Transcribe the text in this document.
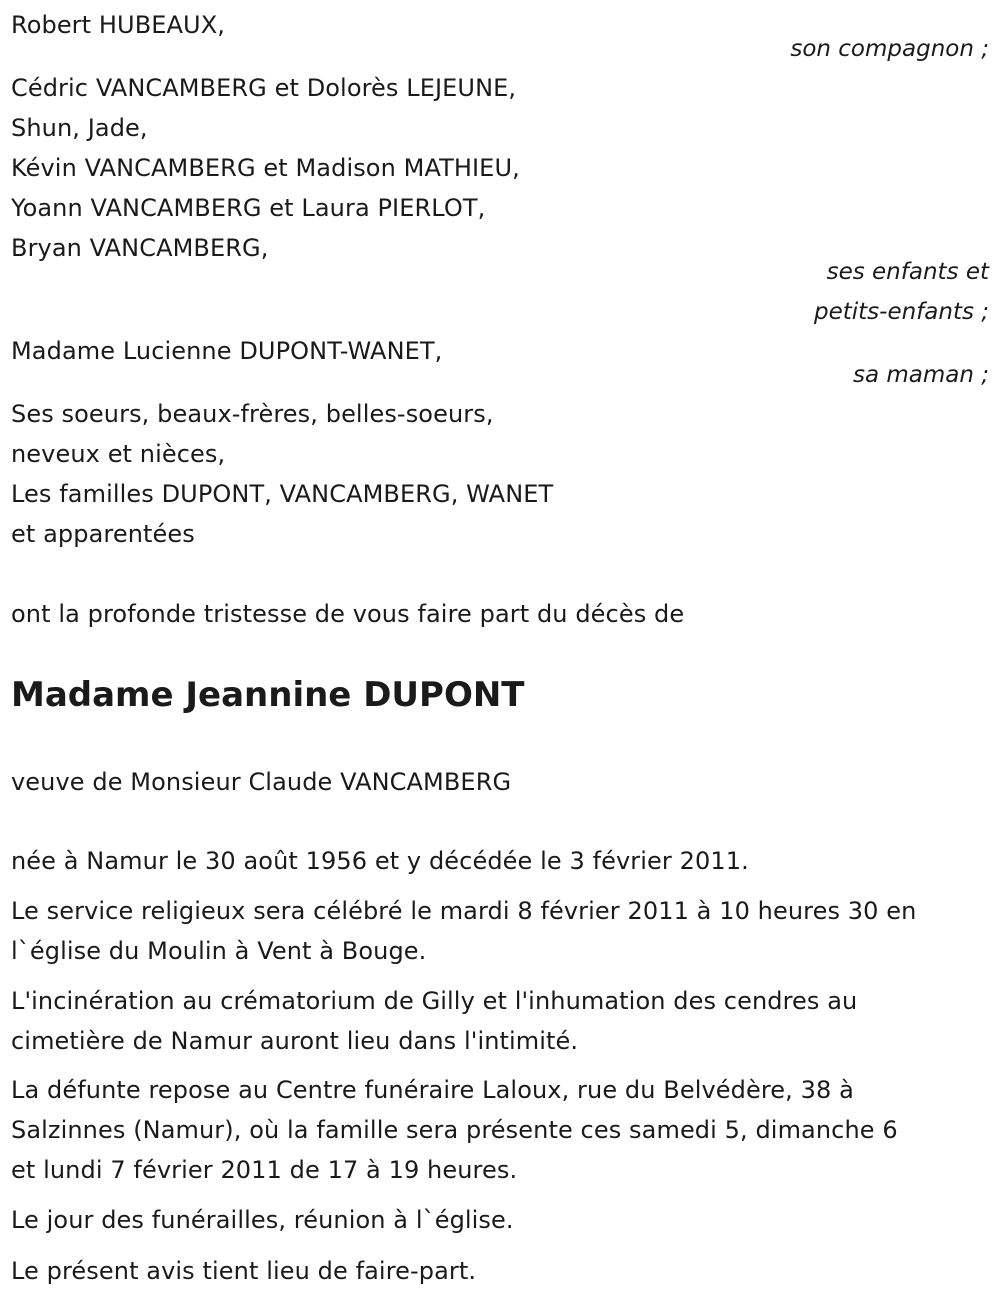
Robert HUBEAUX,
son compagnon ;
Cédric VANCAMBERG et Dolorès LEJEUNE,
Shun, Jade,
Kévin VANCAMBERG et Madison MATHIEU,
Yoann VANCAMBERG et Laura PIERLOT,
Bryan VANCAMBERG,
ses enfants et
petits-enfants ;
Madame Lucienne DUPONT-WANET,
sa maman ;
Ses soeurs, beaux-frères, belles-soeurs,
neveux et nièces,
Les familles DUPONT, VANCAMBERG, WANET
et apparentées
ont la profonde tristesse de vous faire part du décès de
Madame Jeannine DUPONT
veuve de Monsieur Claude VANCAMBERG
née à Namur le 30 août 1956 et y décédée le 3 février 2011.
Le service religieux sera célébré le mardi 8 février 2011 à 10 heures 30 en
l`église du Moulin à Vent à Bouge.
L'incinération au crématorium de Gilly et l'inhumation des cendres au
cimetière de Namur auront lieu dans l'intimité.
La défunte repose au Centre funéraire Laloux, rue du Belvédère, 38 à
Salzinnes (Namur), où la famille sera présente ces samedi 5, dimanche 6
et lundi 7 février 2011 de 17 à 19 heures.
Le jour des funérailles, réunion à l`église.
Le présent avis tient lieu de faire-part.
